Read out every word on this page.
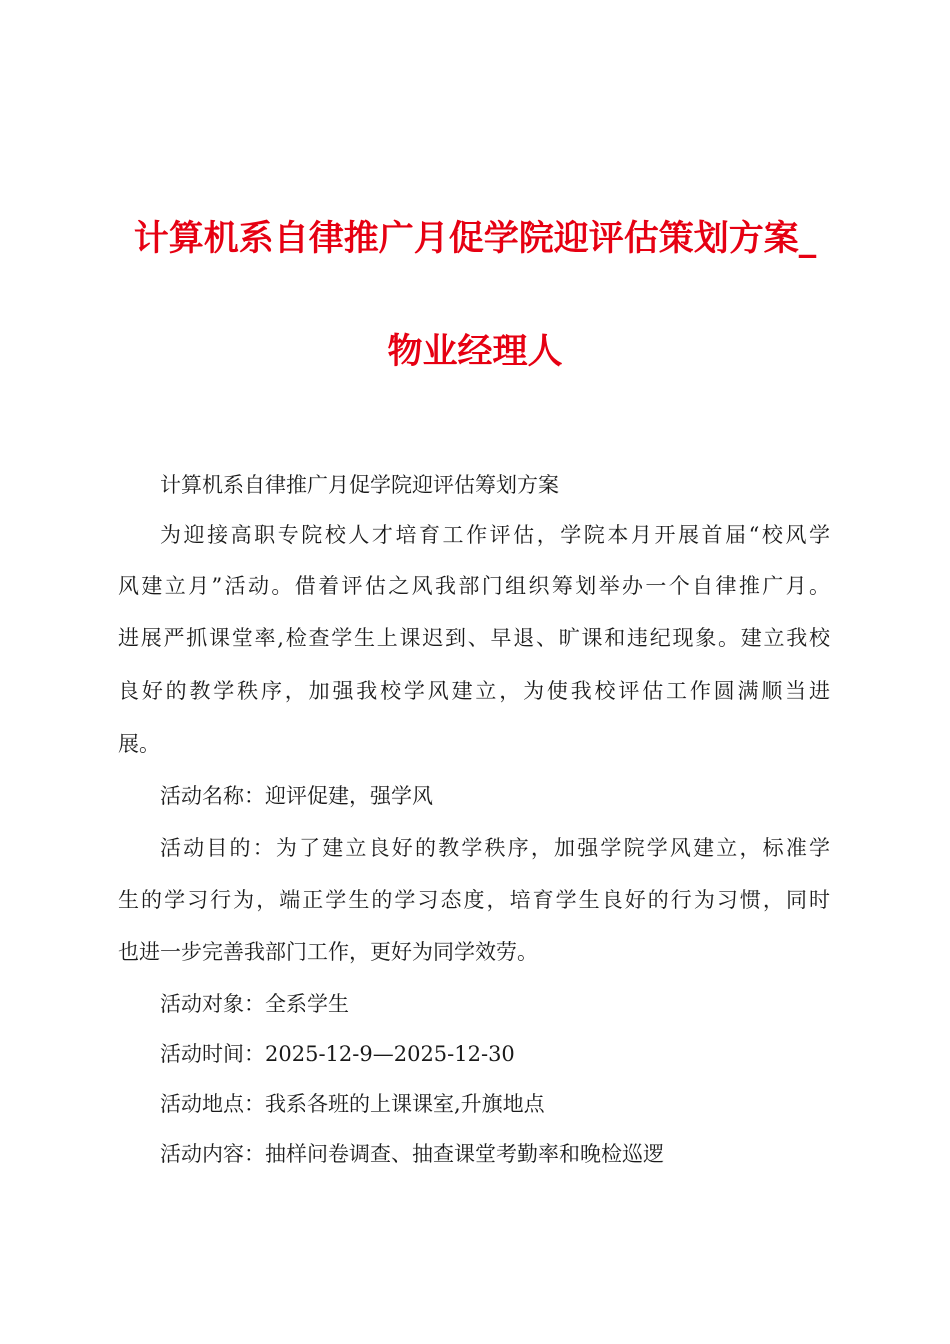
计算机系自律推广月促学院迎评估策划方案_
物业经理人
计算机系自律推广月促学院迎评估筹划方案
为迎接高职专院校人才培育工作评估，学院本月开展首届“校风学
风建立月”活动。借着评估之风我部门组织筹划举办一个自律推广月。
进展严抓课堂率,检查学生上课迟到、早退、旷课和违纪现象。建立我校
良好的教学秩序，加强我校学风建立，为使我校评估工作圆满顺当进
展。
活动名称：迎评促建，强学风
活动目的：为了建立良好的教学秩序，加强学院学风建立，标准学
生的学习行为，端正学生的学习态度，培育学生良好的行为习惯，同时
也进一步完善我部门工作，更好为同学效劳。
活动对象：全系学生
活动时间：2025-12-9—2025-12-30
活动地点：我系各班的上课课室,升旗地点
活动内容：抽样问卷调查、抽查课堂考勤率和晚检巡逻
